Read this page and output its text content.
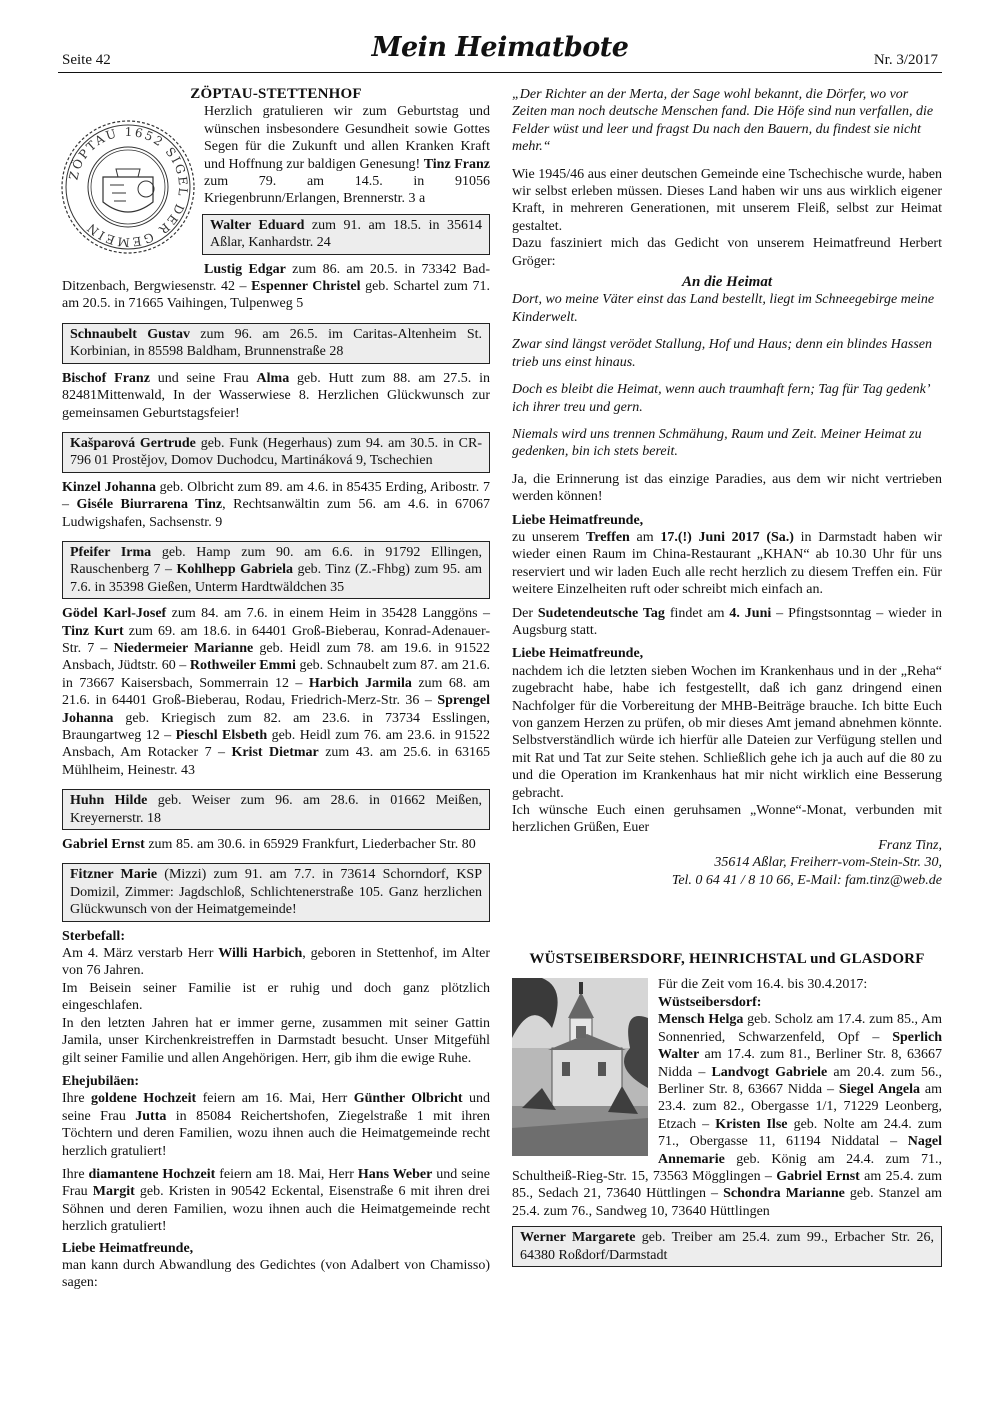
Seite 42	Mein Heimatbote	Nr. 3/2017
ZÖPTAU-STETTENHOF
ZÖPTAU 1652 SIGEL DER GEMEIN

Herzlich gratulieren wir zum Geburtstag und wünschen insbesondere Gesundheit sowie Gottes Segen für die Zukunft und allen Kranken Kraft und Hoffnung zur baldigen Genesung! Tinz Franz zum 79. am 14.5. in 91056 Kriegenbrunn/Erlangen, Brennerstr. 3 a

Walter Eduard zum 91. am 18.5. in 35614 Aßlar, Kanhardstr. 24

Lustig Edgar zum 86. am 20.5. in 73342 Bad-Ditzenbach, Bergwiesenstr. 42 – Espenner Christel geb. Schartel zum 71. am 20.5. in 71665 Vaihingen, Tulpenweg 5

Schnaubelt Gustav zum 96. am 26.5. im Caritas-Altenheim St. Korbinian, in 85598 Baldham, Brunnenstraße 28

Bischof Franz und seine Frau Alma geb. Hutt zum 88. am 27.5. in 82481Mittenwald, In der Wasserwiese 8. Herzlichen Glückwunsch zur gemeinsamen Geburtstagsfeier!

Kašparová Gertrude geb. Funk (Hegerhaus) zum 94. am 30.5. in CR-796 01 Prostějov, Domov Duchodcu, Martináková 9, Tschechien

Kinzel Johanna geb. Olbricht zum 89. am 4.6. in 85435 Erding, Aribostr. 7 – Giséle Biurrarena Tinz, Rechtsanwältin zum 56. am 4.6. in 67067 Ludwigshafen, Sachsenstr. 9

Pfeifer Irma geb. Hamp zum 90. am 6.6. in 91792 Ellingen, Rauschenberg 7 – Kohlhepp Gabriela geb. Tinz (Z.-Fhbg) zum 95. am 7.6. in 35398 Gießen, Unterm Hardtwäldchen 35

Gödel Karl-Josef zum 84. am 7.6. in einem Heim in 35428 Langgöns – Tinz Kurt zum 69. am 18.6. in 64401 Groß-Bieberau, Konrad-Adenauer-Str. 7 – Niedermeier Marianne geb. Heidl zum 78. am 19.6. in 91522 Ansbach, Jüdtstr. 60 – Rothweiler Emmi geb. Schnaubelt zum 87. am 21.6. in 73667 Kaisersbach, Sommerrain 12 – Harbich Jarmila zum 68. am 21.6. in 64401 Groß-Bieberau, Rodau, Friedrich-Merz-Str. 36 – Sprengel Johanna geb. Kriegisch zum 82. am 23.6. in 73734 Esslingen, Braungartweg 12 – Pieschl Elsbeth geb. Heidl zum 76. am 23.6. in 91522 Ansbach, Am Rotacker 7 – Krist Dietmar zum 43. am 25.6. in 63165 Mühlheim, Heinestr. 43

Huhn Hilde geb. Weiser zum 96. am 28.6. in 01662 Meißen, Kreyernerstr. 18

Gabriel Ernst zum 85. am 30.6. in 65929 Frankfurt, Liederbacher Str. 80

Fitzner Marie (Mizzi) zum 91. am 7.7. in 73614 Schorndorf, KSP Domizil, Zimmer: Jagdschloß, Schlichtenerstraße 105. Ganz herzlichen Glückwunsch von der Heimatgemeinde!

Sterbefall:

Am 4. März verstarb Herr Willi Harbich, geboren in Stettenhof, im Alter von 76 Jahren.

Im Beisein seiner Familie ist er ruhig und doch ganz plötzlich eingeschlafen.

In den letzten Jahren hat er immer gerne, zusammen mit seiner Gattin Jamila, unser Kirchenkreistreffen in Darmstadt besucht. Unser Mitgefühl gilt seiner Familie und allen Angehörigen. Herr, gib ihm die ewige Ruhe.

Ehejubiläen:

Ihre goldene Hochzeit feiern am 16. Mai, Herr Günther Olbricht und seine Frau Jutta in 85084 Reichertshofen, Ziegelstraße 1 mit ihren Töchtern und deren Familien, wozu ihnen auch die Heimatgemeinde recht herzlich gratuliert!

Ihre diamantene Hochzeit feiern am 18. Mai, Herr Hans Weber und seine Frau Margit geb. Kristen in 90542 Eckental, Eisenstraße 6 mit ihren drei Söhnen und deren Familien, wozu ihnen auch die Heimatgemeinde recht herzlich gratuliert!

Liebe Heimatfreunde,

man kann durch Abwandlung des Gedichtes (von Adalbert von Chamisso) sagen:

„Der Richter an der Merta, der Sage wohl bekannt, die Dörfer, wo vor Zeiten man noch deutsche Menschen fand. Die Höfe sind nun verfallen, die Felder wüst und leer und fragst Du nach den Bauern, du findest sie nicht mehr.“

Wie 1945/46 aus einer deutschen Gemeinde eine Tschechische wurde, haben wir selbst erleben müssen. Dieses Land haben wir uns aus wirklich eigener Kraft, in mehreren Generationen, mit unserem Fleiß, selbst zur Heimat gestaltet.

Dazu fasziniert mich das Gedicht von unserem Heimatfreund Herbert Gröger:

An die Heimat

Dort, wo meine Väter einst das Land bestellt, liegt im Schneegebirge meine Kinderwelt.

Zwar sind längst verödet Stallung, Hof und Haus; denn ein blindes Hassen trieb uns einst hinaus.

Doch es bleibt die Heimat, wenn auch traumhaft fern; Tag für Tag gedenk’ ich ihrer treu und gern.

Niemals wird uns trennen Schmähung, Raum und Zeit. Meiner Heimat zu gedenken, bin ich stets bereit.

Ja, die Erinnerung ist das einzige Paradies, aus dem wir nicht vertrieben werden können!

Liebe Heimatfreunde,

zu unserem Treffen am 17.(!) Juni 2017 (Sa.) in Darmstadt haben wir wieder einen Raum im China-Restaurant „KHAN“ ab 10.30 Uhr für uns reserviert und wir laden Euch alle recht herzlich zu diesem Treffen ein. Für weitere Einzelheiten ruft oder schreibt mich einfach an.

Der Sudetendeutsche Tag findet am 4. Juni – Pfingstsonntag – wieder in Augsburg statt.

Liebe Heimatfreunde,

nachdem ich die letzten sieben Wochen im Krankenhaus und in der „Reha“ zugebracht habe, habe ich festgestellt, daß ich ganz dringend einen Nachfolger für die Vorbereitung der MHB-Beiträge brauche. Ich bitte Euch von ganzem Herzen zu prüfen, ob mir dieses Amt jemand abnehmen könnte. Selbstverständlich würde ich hierfür alle Dateien zur Verfügung stellen und mit Rat und Tat zur Seite stehen. Schließlich gehe ich ja auch auf die 80 zu und die Operation im Krankenhaus hat mir nicht wirklich eine Besserung gebracht.

Ich wünsche Euch einen geruhsamen „Wonne“-Monat, verbunden mit herzlichen Grüßen, Euer

Franz Tinz,

35614 Aßlar, Freiherr-vom-Stein-Str. 30,

Tel. 0 64 41 / 8 10 66, E-Mail: fam.tinz@web.de

WÜSTSEIBERSDORF, HEINRICHSTAL und GLASDORF

Für die Zeit vom 16.4. bis 30.4.2017:

Wüstseibersdorf:

Mensch Helga geb. Scholz am 17.4. zum 85., Am Sonnenried, Schwarzenfeld, Opf – Sperlich Walter am 17.4. zum 81., Berliner Str. 8, 63667 Nidda – Landvogt Gabriele am 20.4. zum 56., Berliner Str. 8, 63667 Nidda – Siegel Angela am 23.4. zum 82., Obergasse 1/1, 71229 Leonberg, Etzach – Kristen Ilse geb. Nolte am 24.4. zum 71., Obergasse 11, 61194 Niddatal – Nagel Annemarie geb. König am 24.4. zum 71., Schultheiß-Rieg-Str. 15, 73563 Mögglingen – Gabriel Ernst am 25.4. zum 85., Sedach 21, 73640 Hüttlingen – Schondra Marianne geb. Stanzel am 25.4. zum 76., Sandweg 10, 73640 Hüttlingen

Werner Margarete geb. Treiber am 25.4. zum 99., Erbacher Str. 26, 64380 Roßdorf/Darmstadt
